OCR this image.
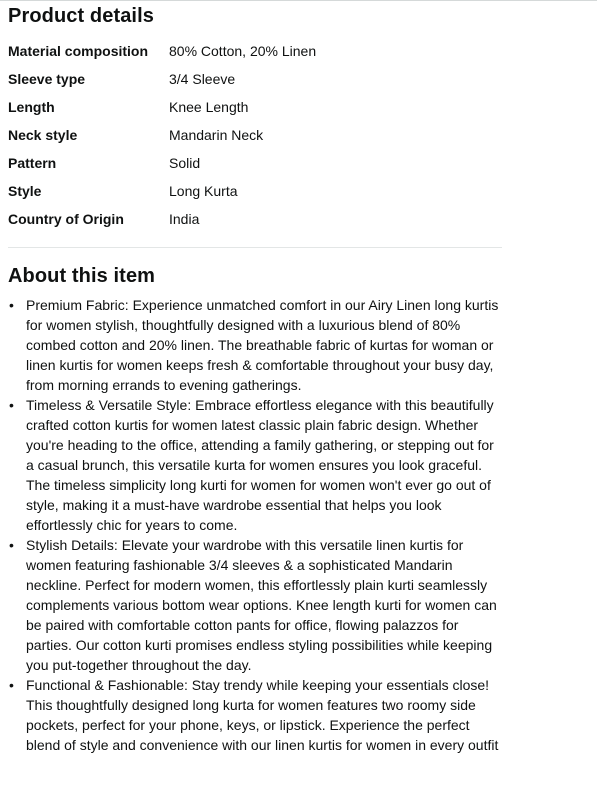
Product details
Material composition	80% Cotton, 20% Linen
Sleeve type	3/4 Sleeve
Length	Knee Length
Neck style	Mandarin Neck
Pattern	Solid
Style	Long Kurta
Country of Origin	India
About this item
• Premium Fabric: Experience unmatched comfort in our Airy Linen long kurtis for women stylish, thoughtfully designed with a luxurious blend of 80% combed cotton and 20% linen. The breathable fabric of kurtas for woman or linen kurtis for women keeps fresh & comfortable throughout your busy day, from morning errands to evening gatherings.
• Timeless & Versatile Style: Embrace effortless elegance with this beautifully crafted cotton kurtis for women latest classic plain fabric design. Whether you're heading to the office, attending a family gathering, or stepping out for a casual brunch, this versatile kurta for women ensures you look graceful. The timeless simplicity long kurti for women for women won't ever go out of style, making it a must-have wardrobe essential that helps you look effortlessly chic for years to come.
• Stylish Details: Elevate your wardrobe with this versatile linen kurtis for women featuring fashionable 3/4 sleeves & a sophisticated Mandarin neckline. Perfect for modern women, this effortlessly plain kurti seamlessly complements various bottom wear options. Knee length kurti for women can be paired with comfortable cotton pants for office, flowing palazzos for parties. Our cotton kurti promises endless styling possibilities while keeping you put-together throughout the day.
• Functional & Fashionable: Stay trendy while keeping your essentials close! This thoughtfully designed long kurta for women features two roomy side pockets, perfect for your phone, keys, or lipstick. Experience the perfect blend of style and convenience with our linen kurtis for women in every outfit
